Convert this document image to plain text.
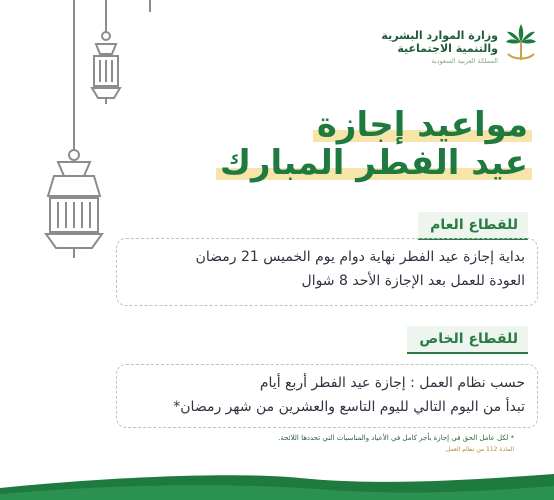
وزارة الموارد البشرية
والتنمية الاجتماعية
المملكة العربية السعودية
مواعيد إجازة
عيد الفطر المبارك
للقطاع العام
بداية إجازة عيد الفطر نهاية دوام يوم الخميس 21 رمضان
العودة للعمل بعد الإجازة الأحد 8 شوال
للقطاع الخاص
حسب نظام العمل : إجازة عيد الفطر أربع أيام
تبدأ من اليوم التالي لليوم التاسع والعشرين من شهر رمضان*
* لكل عامل الحق في إجازة بأجر كامل في الأعياد والمناسبات التي تحددها اللائحة.
المادة 112 من نظام العمل
